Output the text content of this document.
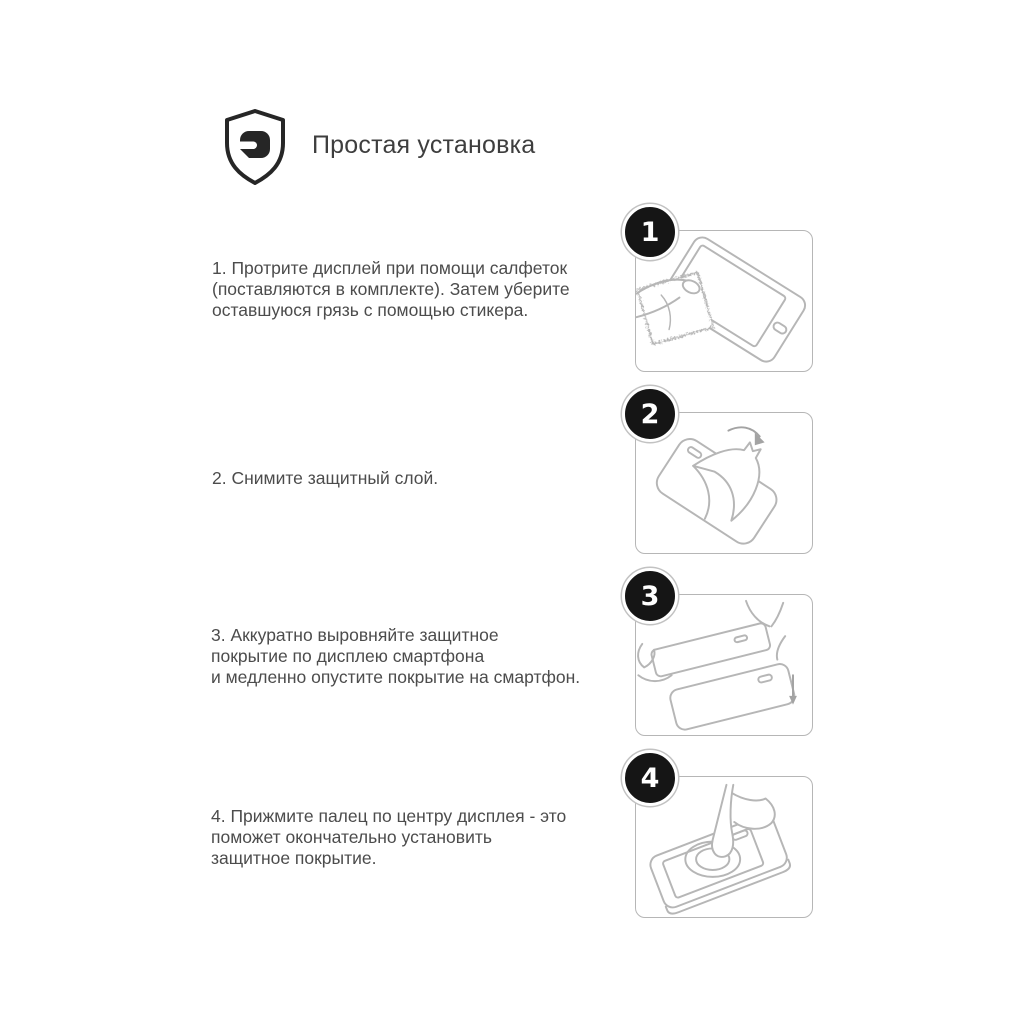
Простая установка
1. Протрите дисплей при помощи салфеток
(поставляются в комплекте). Затем уберите
оставшуюся грязь с помощью стикера.
2. Снимите защитный слой.
3. Аккуратно выровняйте защитное
покрытие по дисплею смартфона
и медленно опустите покрытие на смартфон.
4. Прижмите палец по центру дисплея - это
поможет окончательно установить
защитное покрытие.
1
2
3
4
